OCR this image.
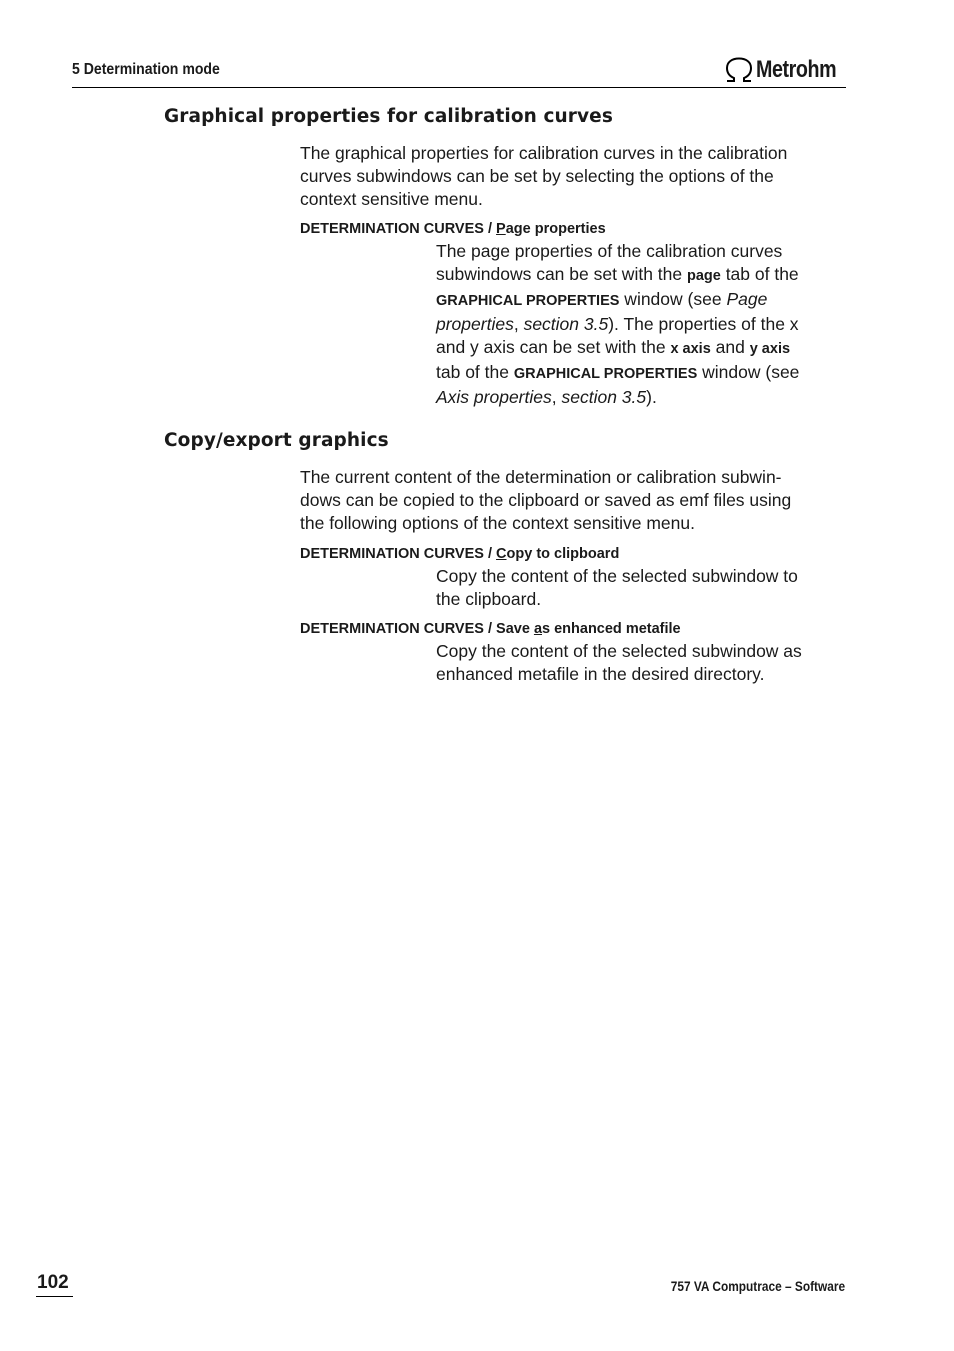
5 Determination mode	Metrohm
Graphical properties for calibration curves
The graphical properties for calibration curves in the calibration
curves subwindows can be set by selecting the options of the
context sensitive menu.
DETERMINATION CURVES / Page properties
The page properties of the calibration curves
subwindows can be set with the page tab of the
GRAPHICAL PROPERTIES window (see Page
properties, section 3.5). The properties of the x
and y axis can be set with the x axis and y axis
tab of the GRAPHICAL PROPERTIES window (see
Axis properties, section 3.5).
Copy/export graphics
The current content of the determination or calibration subwin-
dows can be copied to the clipboard or saved as emf files using
the following options of the context sensitive menu.
DETERMINATION CURVES / Copy to clipboard
Copy the content of the selected subwindow to
the clipboard.
DETERMINATION CURVES / Save as enhanced metafile
Copy the content of the selected subwindow as
enhanced metafile in the desired directory.
102	757 VA Computrace – Software
